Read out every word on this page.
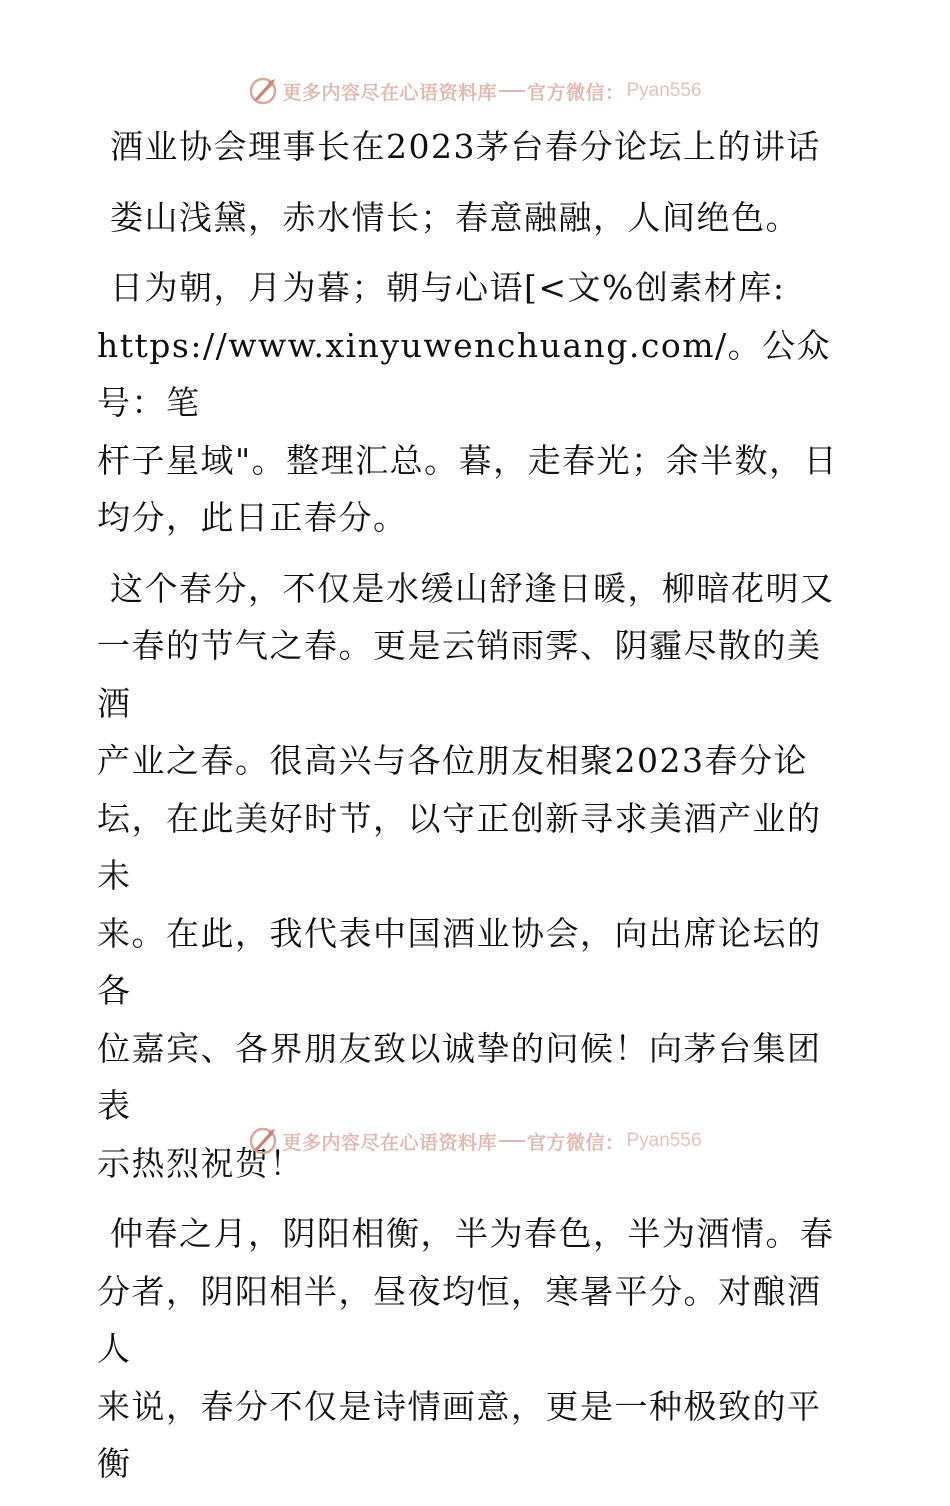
更多内容尽在心语资料库 官方微信： Pyan556

酒业协会理事长在2023茅台春分论坛上的讲话

娄山浅黛，赤水情长；春意融融，人间绝色。

日为朝，月为暮；朝与心语[<文%创素材库:
https://www.xinyuwenchuang.com/。公众号：笔
杆子星域"。整理汇总。暮，走春光；余半数，日
均分，此日正春分。

这个春分，不仅是水缓山舒逢日暖，柳暗花明又
一春的节气之春。更是云销雨霁、阴霾尽散的美酒
产业之春。很高兴与各位朋友相聚2023春分论
坛，在此美好时节，以守正创新寻求美酒产业的未
来。在此，我代表中国酒业协会，向出席论坛的各
位嘉宾、各界朋友致以诚挚的问候！向茅台集团表
示热烈祝贺！

仲春之月，阴阳相衡，半为春色，半为酒情。春
分者，阴阳相半，昼夜均恒，寒暑平分。对酿酒人
来说，春分不仅是诗情画意，更是一种极致的平衡

更多内容尽在心语资料库 官方微信： Pyan556
